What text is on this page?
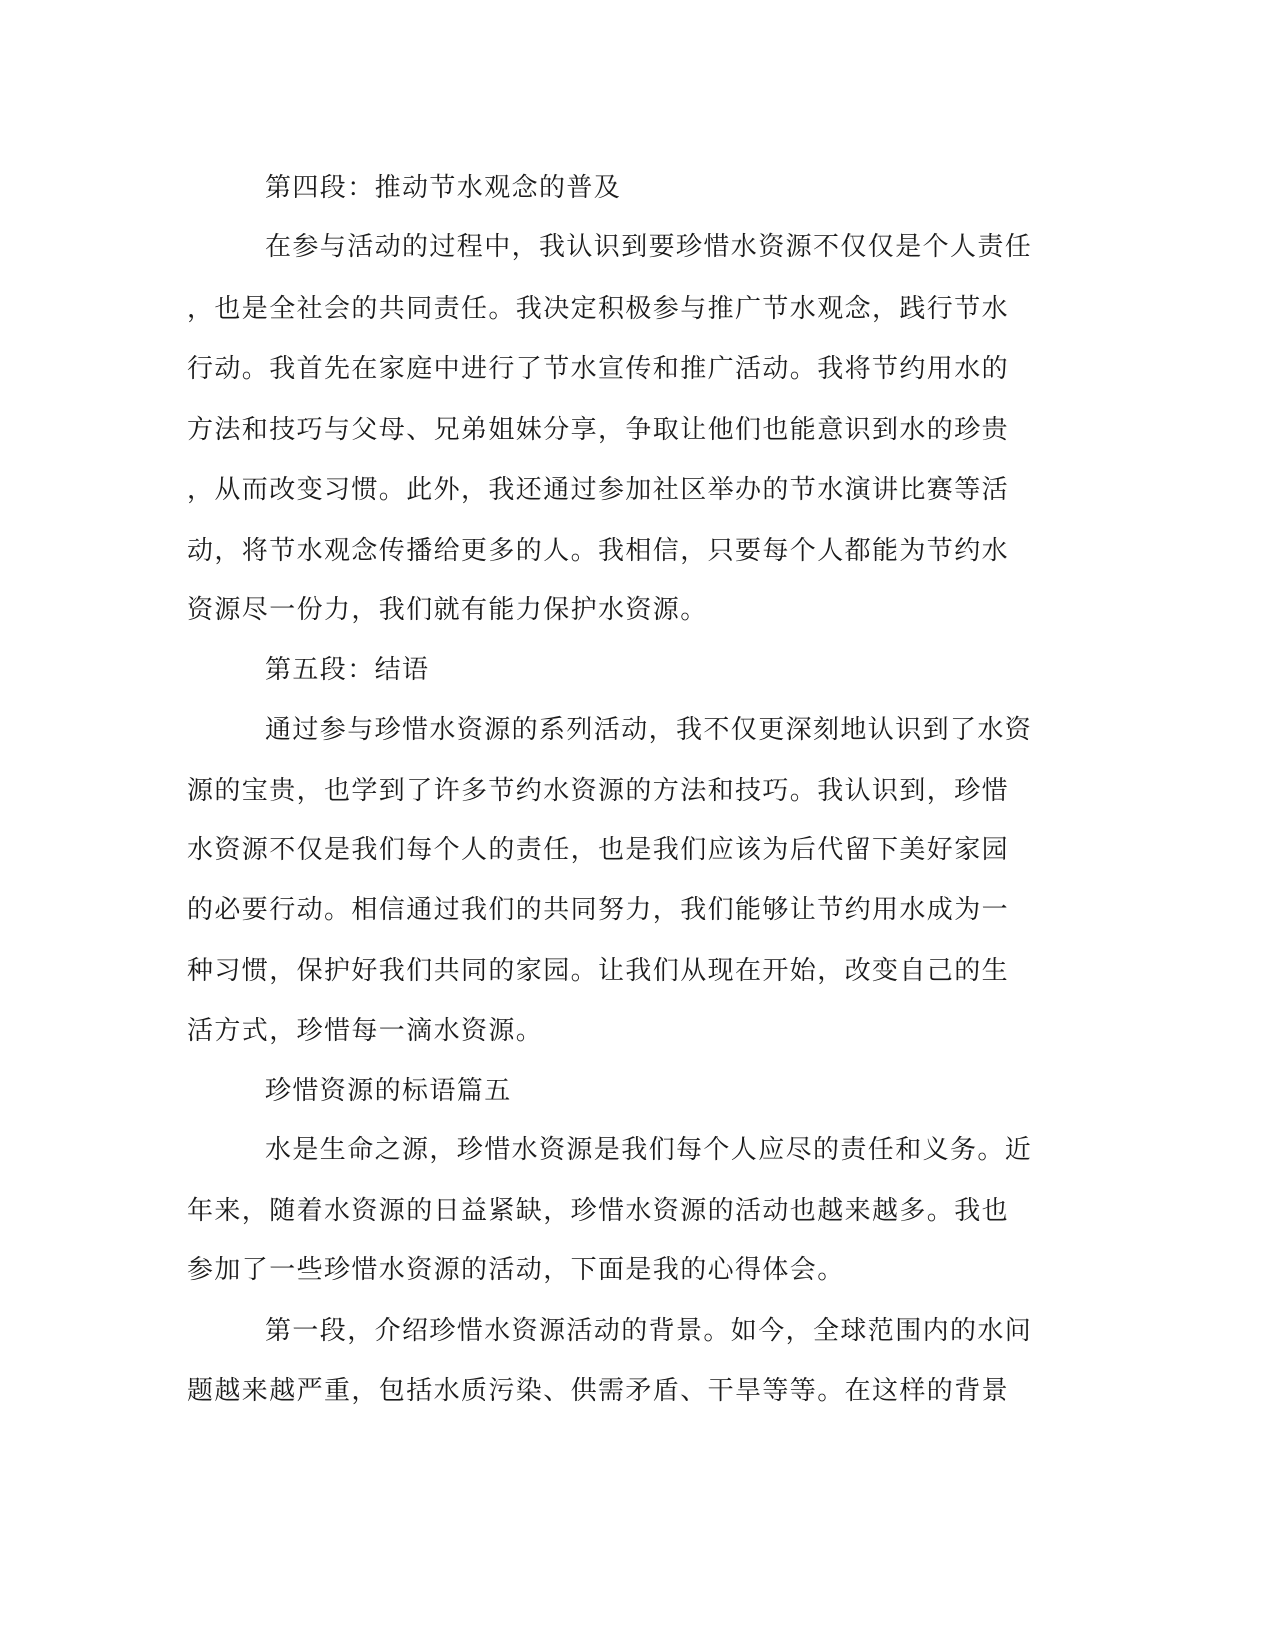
第四段：推动节水观念的普及

在参与活动的过程中，我认识到要珍惜水资源不仅仅是个人责任

，也是全社会的共同责任。我决定积极参与推广节水观念，践行节水

行动。我首先在家庭中进行了节水宣传和推广活动。我将节约用水的

方法和技巧与父母、兄弟姐妹分享，争取让他们也能意识到水的珍贵

，从而改变习惯。此外，我还通过参加社区举办的节水演讲比赛等活

动，将节水观念传播给更多的人。我相信，只要每个人都能为节约水

资源尽一份力，我们就有能力保护水资源。

第五段：结语

通过参与珍惜水资源的系列活动，我不仅更深刻地认识到了水资

源的宝贵，也学到了许多节约水资源的方法和技巧。我认识到，珍惜

水资源不仅是我们每个人的责任，也是我们应该为后代留下美好家园

的必要行动。相信通过我们的共同努力，我们能够让节约用水成为一

种习惯，保护好我们共同的家园。让我们从现在开始，改变自己的生

活方式，珍惜每一滴水资源。

珍惜资源的标语篇五

水是生命之源，珍惜水资源是我们每个人应尽的责任和义务。近

年来，随着水资源的日益紧缺，珍惜水资源的活动也越来越多。我也

参加了一些珍惜水资源的活动，下面是我的心得体会。

第一段，介绍珍惜水资源活动的背景。如今，全球范围内的水问

题越来越严重，包括水质污染、供需矛盾、干旱等等。在这样的背景
